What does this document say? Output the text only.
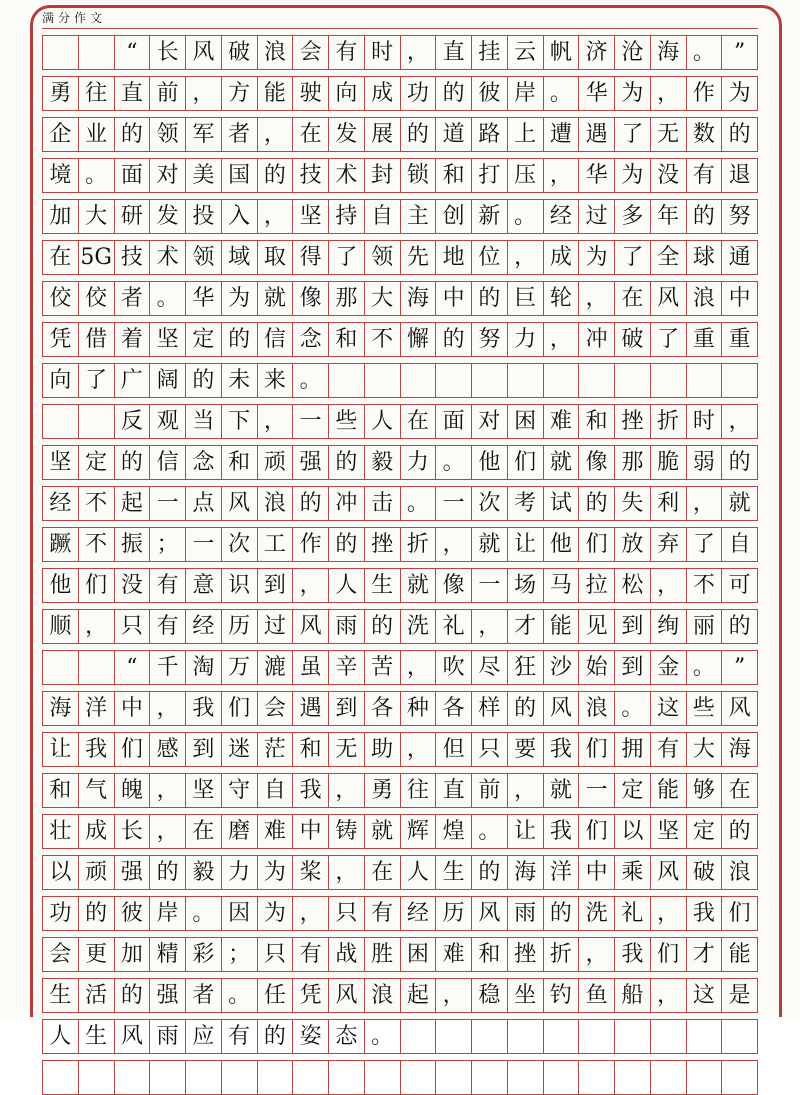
满分作文
“ 长 风 破 浪 会 有 时 ， 直 挂 云 帆 济 沧 海 。 ”
勇 往 直 前 ， 方 能 驶 向 成 功 的 彼 岸 。 华 为 ， 作 为
企 业 的 领 军 者 ， 在 发 展 的 道 路 上 遭 遇 了 无 数 的
境 。 面 对 美 国 的 技 术 封 锁 和 打 压 ， 华 为 没 有 退
加 大 研 发 投 入 ， 坚 持 自 主 创 新 。 经 过 多 年 的 努
在 5G 技 术 领 域 取 得 了 领 先 地 位 ， 成 为 了 全 球 通
佼 佼 者 。 华 为 就 像 那 大 海 中 的 巨 轮 ， 在 风 浪 中
凭 借 着 坚 定 的 信 念 和 不 懈 的 努 力 ， 冲 破 了 重 重
向 了 广 阔 的 未 来 。
反 观 当 下 ， 一 些 人 在 面 对 困 难 和 挫 折 时 ，
坚 定 的 信 念 和 顽 强 的 毅 力 。 他 们 就 像 那 脆 弱 的
经 不 起 一 点 风 浪 的 冲 击 。 一 次 考 试 的 失 利 ， 就
蹶 不 振 ； 一 次 工 作 的 挫 折 ， 就 让 他 们 放 弃 了 自
他 们 没 有 意 识 到 ， 人 生 就 像 一 场 马 拉 松 ， 不 可
顺 ， 只 有 经 历 过 风 雨 的 洗 礼 ， 才 能 见 到 绚 丽 的
“ 千 淘 万 漉 虽 辛 苦 ， 吹 尽 狂 沙 始 到 金 。 ”
海 洋 中 ， 我 们 会 遇 到 各 种 各 样 的 风 浪 。 这 些 风
让 我 们 感 到 迷 茫 和 无 助 ， 但 只 要 我 们 拥 有 大 海
和 气 魄 ， 坚 守 自 我 ， 勇 往 直 前 ， 就 一 定 能 够 在
壮 成 长 ， 在 磨 难 中 铸 就 辉 煌 。 让 我 们 以 坚 定 的
以 顽 强 的 毅 力 为 桨 ， 在 人 生 的 海 洋 中 乘 风 破 浪
功 的 彼 岸 。 因 为 ， 只 有 经 历 风 雨 的 洗 礼 ， 我 们
会 更 加 精 彩 ； 只 有 战 胜 困 难 和 挫 折 ， 我 们 才 能
生 活 的 强 者 。 任 凭 风 浪 起 ， 稳 坐 钓 鱼 船 ， 这 是
人 生 风 雨 应 有 的 姿 态 。
